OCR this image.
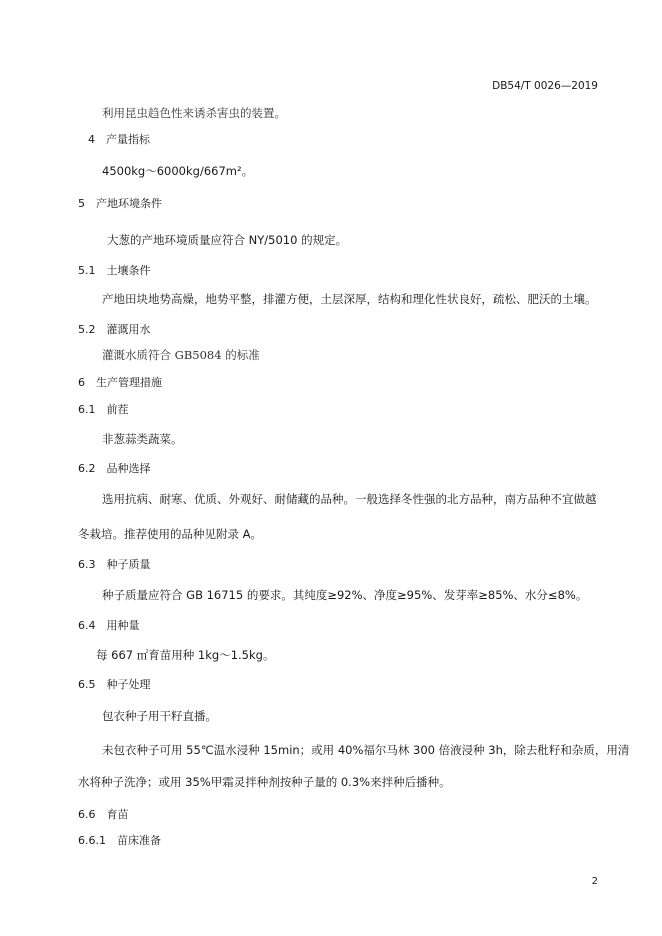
DB54/T 0026—2019
利用昆虫趋色性来诱杀害虫的装置。
4　产量指标
4500kg～6000kg/667m²。
5　产地环境条件
大葱的产地环境质量应符合 NY/5010 的规定。
5.1　土壤条件
产地田块地势高燥，地势平整，排灌方便，土层深厚，结构和理化性状良好，疏松、肥沃的土壤。
5.2　灌溉用水
灌溉水质符合 GB5084 的标准
6　生产管理措施
6.1　前茬
非葱蒜类蔬菜。
6.2　品种选择
选用抗病、耐寒、优质、外观好、耐储藏的品种。一般选择冬性强的北方品种，南方品种不宜做越
冬栽培。推荐使用的品种见附录 A。
6.3　种子质量
种子质量应符合 GB 16715 的要求。其纯度≥92%、净度≥95%、发芽率≥85%、水分≤8%。
6.4　用种量
每 667 ㎡育苗用种 1kg～1.5kg。
6.5　种子处理
包衣种子用干籽直播。
未包衣种子可用 55℃温水浸种 15min；或用 40%福尔马林 300 倍液浸种 3h，除去秕籽和杂质，用清
水将种子洗净；或用 35%甲霜灵拌种剂按种子量的 0.3%来拌种后播种。
6.6　育苗
6.6.1　苗床准备
2
